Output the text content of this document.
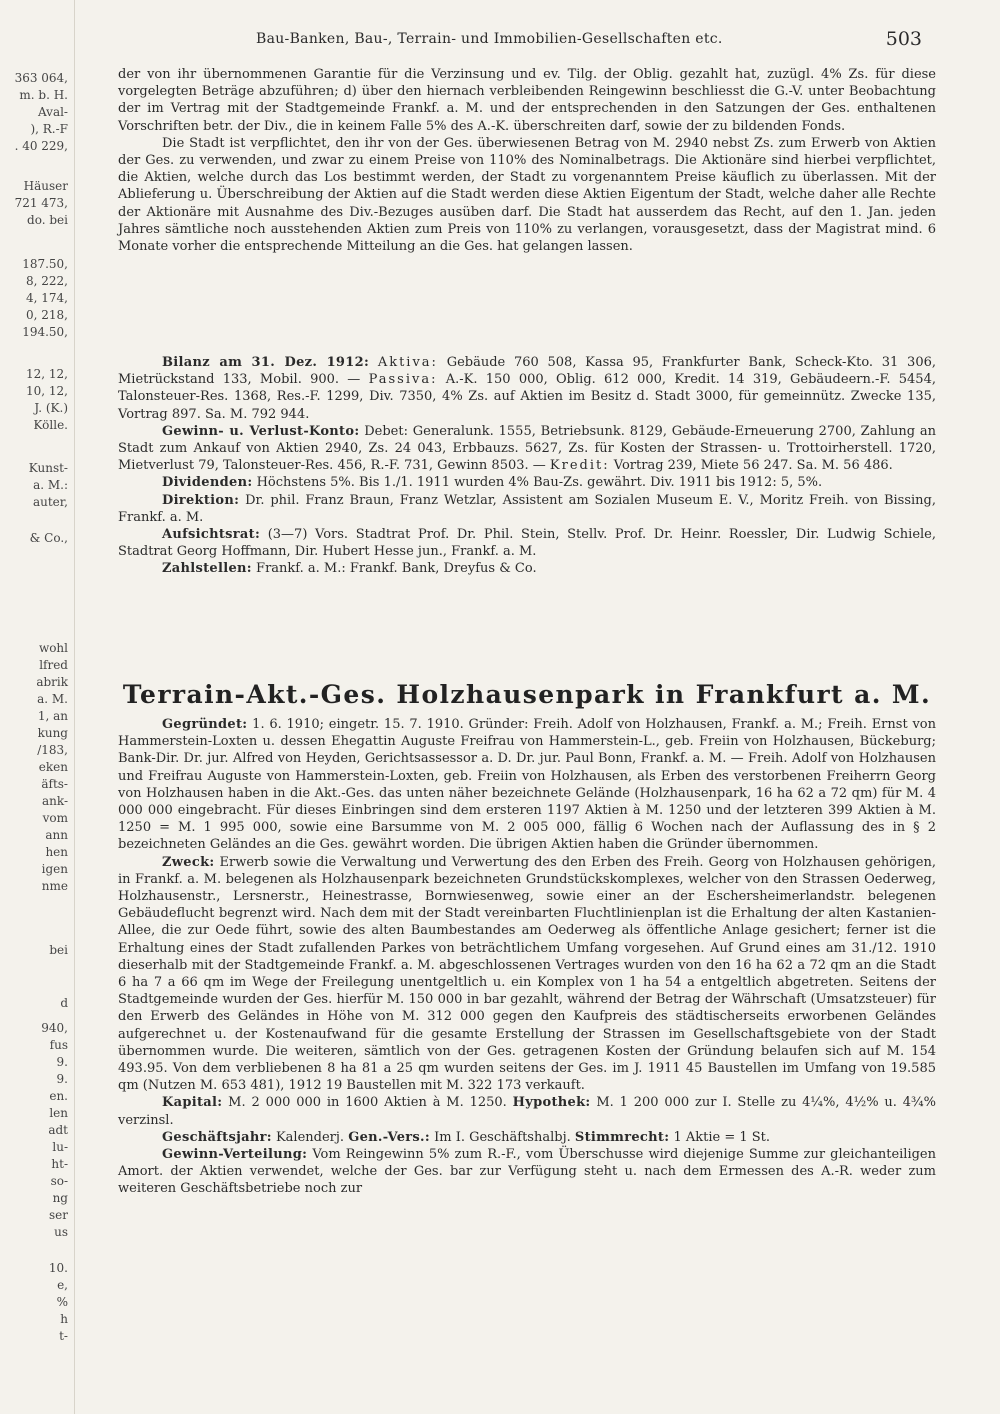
363 064,
m. b. H.
Aval-
), R.-F
. 40 229,
Häuser
721 473,
do. bei
187.50,
8, 222,
4, 174,
0, 218,
194.50,
12, 12,
10, 12,
J. (K.)
Kölle.
Kunst-
a. M.:
auter,
& Co.,
wohl
lfred
abrik
a. M.
1, an
kung
/183,
eken
äfts-
ank-
vom
ann
hen
igen
nme
bei
940,
fus
9.
9.
en.
len
adt
lu-
ht-
so-
ng
ser
us
10.
e,
%
h
t-
d
Bau-Banken, Bau-, Terrain- und Immobilien-Gesellschaften etc.	503

der von ihr übernommenen Garantie für die Verzinsung und ev. Tilg. der Oblig. gezahlt hat, zuzügl. 4% Zs. für diese vorgelegten Beträge abzuführen; d) über den hiernach verbleibenden Reingewinn beschliesst die G.-V. unter Beobachtung der im Vertrag mit der Stadtgemeinde Frankf. a. M. und der entsprechenden in den Satzungen der Ges. enthaltenen Vorschriften betr. der Div., die in keinem Falle 5% des A.-K. überschreiten darf, sowie der zu bildenden Fonds.

Die Stadt ist verpflichtet, den ihr von der Ges. überwiesenen Betrag von M. 2940 nebst Zs. zum Erwerb von Aktien der Ges. zu verwenden, und zwar zu einem Preise von 110% des Nominalbetrags. Die Aktionäre sind hierbei verpflichtet, die Aktien, welche durch das Los bestimmt werden, der Stadt zu vorgenanntem Preise käuflich zu überlassen. Mit der Ablieferung u. Überschreibung der Aktien auf die Stadt werden diese Aktien Eigentum der Stadt, welche daher alle Rechte der Aktionäre mit Ausnahme des Div.-Bezuges ausüben darf. Die Stadt hat ausserdem das Recht, auf den 1. Jan. jeden Jahres sämtliche noch ausstehenden Aktien zum Preis von 110% zu verlangen, vorausgesetzt, dass der Magistrat mind. 6 Monate vorher die entsprechende Mitteilung an die Ges. hat gelangen lassen.

Bilanz am 31. Dez. 1912: Aktiva: Gebäude 760 508, Kassa 95, Frankfurter Bank, Scheck-Kto. 31 306, Mietrückstand 133, Mobil. 900. — Passiva: A.-K. 150 000, Oblig. 612 000, Kredit. 14 319, Gebäudeern.-F. 5454, Talonsteuer-Res. 1368, Res.-F. 1299, Div. 7350, 4% Zs. auf Aktien im Besitz d. Stadt 3000, für gemeinnütz. Zwecke 135, Vortrag 897. Sa. M. 792 944.

Gewinn- u. Verlust-Konto: Debet: Generalunk. 1555, Betriebsunk. 8129, Gebäude-Erneuerung 2700, Zahlung an Stadt zum Ankauf von Aktien 2940, Zs. 24 043, Erbbauzs. 5627, Zs. für Kosten der Strassen- u. Trottoirherstell. 1720, Mietverlust 79, Talonsteuer-Res. 456, R.-F. 731, Gewinn 8503. — Kredit: Vortrag 239, Miete 56 247. Sa. M. 56 486.

Dividenden: Höchstens 5%. Bis 1./1. 1911 wurden 4% Bau-Zs. gewährt. Div. 1911 bis 1912: 5, 5%.

Direktion: Dr. phil. Franz Braun, Franz Wetzlar, Assistent am Sozialen Museum E. V., Moritz Freih. von Bissing, Frankf. a. M.

Aufsichtsrat: (3—7) Vors. Stadtrat Prof. Dr. Phil. Stein, Stellv. Prof. Dr. Heinr. Roessler, Dir. Ludwig Schiele, Stadtrat Georg Hoffmann, Dir. Hubert Hesse jun., Frankf. a. M.

Zahlstellen: Frankf. a. M.: Frankf. Bank, Dreyfus & Co.

Terrain-Akt.-Ges. Holzhausenpark in Frankfurt a. M.

Gegründet: 1. 6. 1910; eingetr. 15. 7. 1910. Gründer: Freih. Adolf von Holzhausen, Frankf. a. M.; Freih. Ernst von Hammerstein-Loxten u. dessen Ehegattin Auguste Freifrau von Hammerstein-L., geb. Freiin von Holzhausen, Bückeburg; Bank-Dir. Dr. jur. Alfred von Heyden, Gerichtsassessor a. D. Dr. jur. Paul Bonn, Frankf. a. M. — Freih. Adolf von Holzhausen und Freifrau Auguste von Hammerstein-Loxten, geb. Freiin von Holzhausen, als Erben des verstorbenen Freiherrn Georg von Holzhausen haben in die Akt.-Ges. das unten näher bezeichnete Gelände (Holzhausenpark, 16 ha 62 a 72 qm) für M. 4 000 000 eingebracht. Für dieses Einbringen sind dem ersteren 1197 Aktien à M. 1250 und der letzteren 399 Aktien à M. 1250 = M. 1 995 000, sowie eine Barsumme von M. 2 005 000, fällig 6 Wochen nach der Auflassung des in § 2 bezeichneten Geländes an die Ges. gewährt worden. Die übrigen Aktien haben die Gründer übernommen.

Zweck: Erwerb sowie die Verwaltung und Verwertung des den Erben des Freih. Georg von Holzhausen gehörigen, in Frankf. a. M. belegenen als Holzhausenpark bezeichneten Grundstückskomplexes, welcher von den Strassen Oederweg, Holzhausenstr., Lersnerstr., Heinestrasse, Bornwiesenweg, sowie einer an der Eschersheimerlandstr. belegenen Gebäudeflucht begrenzt wird. Nach dem mit der Stadt vereinbarten Fluchtlinienplan ist die Erhaltung der alten Kastanien-Allee, die zur Oede führt, sowie des alten Baumbestandes am Oederweg als öffentliche Anlage gesichert; ferner ist die Erhaltung eines der Stadt zufallenden Parkes von beträchtlichem Umfang vorgesehen. Auf Grund eines am 31./12. 1910 dieserhalb mit der Stadtgemeinde Frankf. a. M. abgeschlossenen Vertrages wurden von den 16 ha 62 a 72 qm an die Stadt 6 ha 7 a 66 qm im Wege der Freilegung unentgeltlich u. ein Komplex von 1 ha 54 a entgeltlich abgetreten. Seitens der Stadtgemeinde wurden der Ges. hierfür M. 150 000 in bar gezahlt, während der Betrag der Währschaft (Umsatzsteuer) für den Erwerb des Geländes in Höhe von M. 312 000 gegen den Kaufpreis des städtischerseits erworbenen Geländes aufgerechnet u. der Kostenaufwand für die gesamte Erstellung der Strassen im Gesellschaftsgebiete von der Stadt übernommen wurde. Die weiteren, sämtlich von der Ges. getragenen Kosten der Gründung belaufen sich auf M. 154 493.95. Von dem verbliebenen 8 ha 81 a 25 qm wurden seitens der Ges. im J. 1911 45 Baustellen im Umfang von 19.585 qm (Nutzen M. 653 481), 1912 19 Baustellen mit M. 322 173 verkauft.

Kapital: M. 2 000 000 in 1600 Aktien à M. 1250. Hypothek: M. 1 200 000 zur I. Stelle zu 4¼%, 4½% u. 4¾% verzinsl.

Geschäftsjahr: Kalenderj. Gen.-Vers.: Im I. Geschäftshalbj. Stimmrecht: 1 Aktie = 1 St.

Gewinn-Verteilung: Vom Reingewinn 5% zum R.-F., vom Überschusse wird diejenige Summe zur gleichanteiligen Amort. der Aktien verwendet, welche der Ges. bar zur Verfügung steht u. nach dem Ermessen des A.-R. weder zum weiteren Geschäftsbetriebe noch zur
